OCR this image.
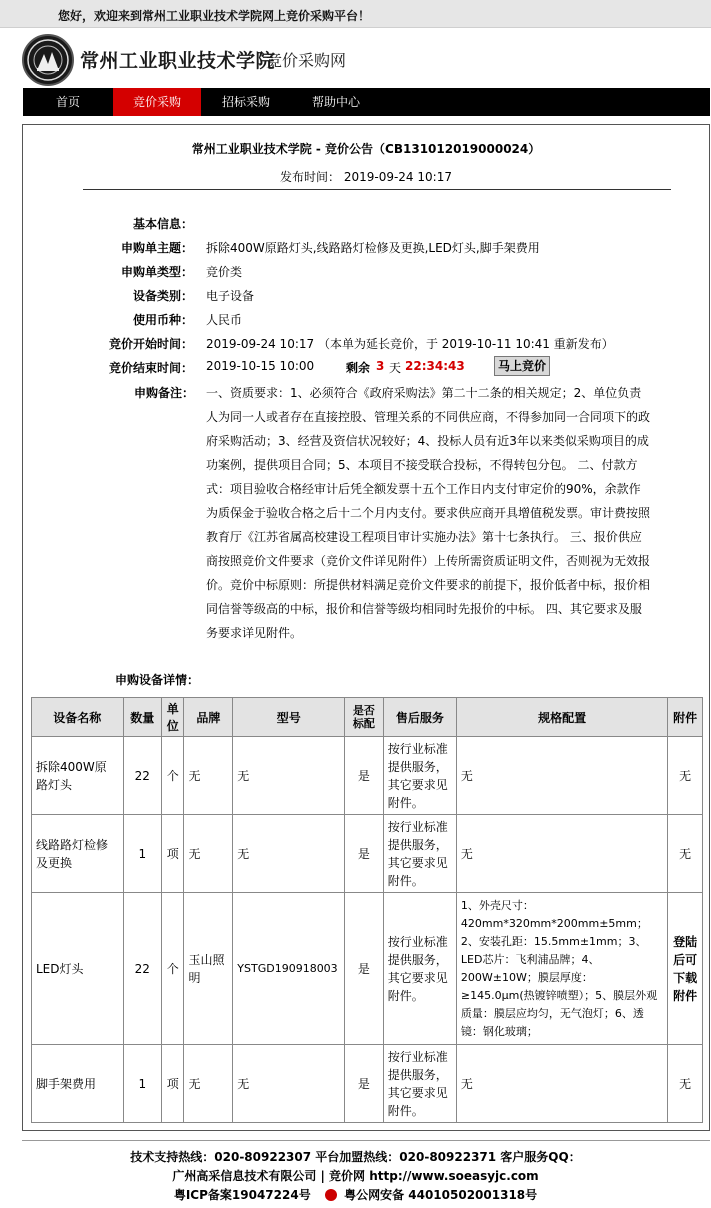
您好，欢迎来到常州工业职业技术学院网上竞价采购平台！
常州工业职业技术学院
竞价采购网
首页	竞价采购	招标采购	帮助中心
常州工业职业技术学院 - 竞价公告（CB131012019000024）
发布时间： 2019-09-24 10:17
基本信息：
申购单主题： 拆除400W原路灯头,线路路灯检修及更换,LED灯头,脚手架费用
申购单类型： 竞价类
设备类别： 电子设备
使用币种： 人民币
竞价开始时间： 2019-09-24 10:17 （本单为延长竞价，于 2019-10-11 10:41 重新发布）
竞价结束时间： 2019-10-15 10:00	剩余 3 天 22:34:43	马上竞价
申购备注： 一、资质要求：1、必须符合《政府采购法》第二十二条的相关规定；2、单位负责人为同一人或者存在直接控股、管理关系的不同供应商，不得参加同一合同项下的政府采购活动；3、经营及资信状况较好；4、投标人员有近3年以来类似采购项目的成功案例，提供项目合同；5、本项目不接受联合投标，不得转包分包。 二、付款方式：项目验收合格经审计后凭全额发票十五个工作日内支付审定价的90%，余款作为质保金于验收合格之后十二个月内支付。要求供应商开具增值税发票。审计费按照教育厅《江苏省属高校建设工程项目审计实施办法》第十七条执行。 三、报价供应商按照竞价文件要求（竞价文件详见附件）上传所需资质证明文件，否则视为无效报价。竞价中标原则：所提供材料满足竞价文件要求的前提下，报价低者中标，报价相同信誉等级高的中标，报价和信誉等级均相同时先报价的中标。 四、其它要求及服务要求详见附件。
申购设备详情：
设备名称	数量	单位	品牌	型号	是否标配	售后服务	规格配置	附件
拆除400W原路灯头	22	个	无	无	是	按行业标准提供服务，其它要求见附件。	无	无
线路路灯检修及更换	1	项	无	无	是	按行业标准提供服务，其它要求见附件。	无	无
LED灯头	22	个	玉山照明	YSTGD190918003	是	按行业标准提供服务，其它要求见附件。	1、外壳尺寸：420mm*320mm*200mm±5mm；2、安装孔距：15.5mm±1mm；3、LED芯片：飞利浦品牌；4、200W±10W；膜层厚度：≥145.0μm(热镀锌喷塑）；5、膜层外观质量：膜层应均匀，无气泡灯；6、透镜：钢化玻璃；	登陆后可下载附件
脚手架费用	1	项	无	无	是	按行业标准提供服务，其它要求见附件。	无	无
技术支持热线：020-80922307 平台加盟热线：020-80922371 客户服务QQ：
广州高采信息技术有限公司 | 竞价网 http://www.soeasyjc.com
粤ICP备案19047224号	粤公网安备 44010502001318号
